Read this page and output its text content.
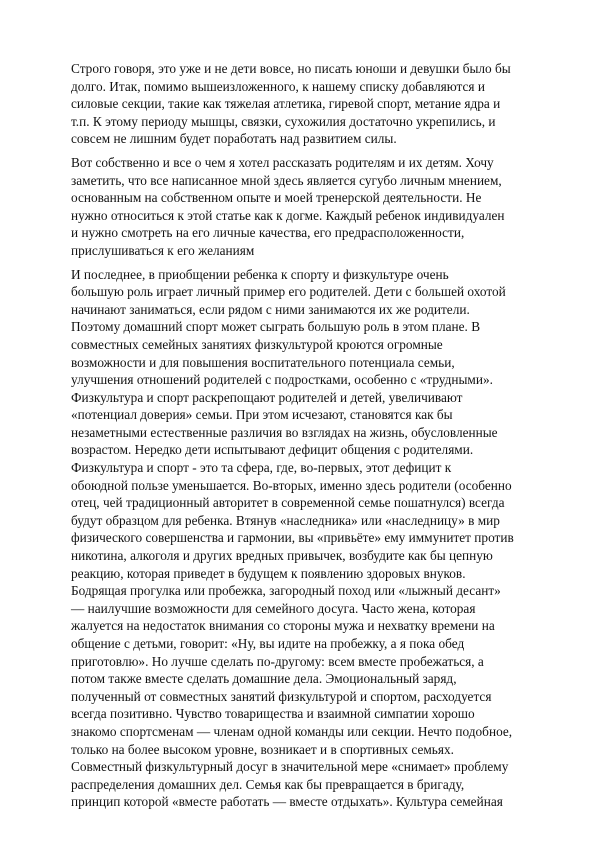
Строго говоря, это уже и не дети вовсе, но писать юноши и девушки было бы
долго. Итак, помимо вышеизложенного, к нашему списку добавляются и
силовые секции, такие как тяжелая атлетика, гиревой спорт, метание ядра и
т.п. К этому периоду мышцы, связки, сухожилия достаточно укрепились, и
совсем не лишним будет поработать над развитием силы.
Вот собственно и все о чем я хотел рассказать родителям и их детям. Хочу
заметить, что все написанное мной здесь является сугубо личным мнением,
основанным на собственном опыте и моей тренерской деятельности. Не
нужно относиться к этой статье как к догме. Каждый ребенок индивидуален
и нужно смотреть на его личные качества, его предрасположенности,
прислушиваться к его желаниям
И последнее, в приобщении ребенка к спорту и физкультуре очень
большую роль играет личный пример его родителей. Дети с большей охотой
начинают заниматься, если рядом с ними занимаются их же родители.
Поэтому домашний спорт может сыграть большую роль в этом плане. В
совместных семейных занятиях физкультурой кроются огромные
возможности и для повышения воспитательного потенциала семьи,
улучшения отношений родителей с подростками, особенно с «трудными».
Физкультура и спорт раскрепощают родителей и детей, увеличивают
«потенциал доверия» семьи. При этом исчезают, становятся как бы
незаметными естественные различия во взглядах на жизнь, обусловленные
возрастом. Нередко дети испытывают дефицит общения с родителями.
Физкультура и спорт - это та сфера, где, во-первых, этот дефицит к
обоюдной пользе уменьшается. Во-вторых, именно здесь родители (особенно
отец, чей традиционный авторитет в современной семье пошатнулся) всегда
будут образцом для ребенка. Втянув «наследника» или «наследницу» в мир
физического совершенства и гармонии, вы «привьёте» ему иммунитет против
никотина, алкоголя и других вредных привычек, возбудите как бы цепную
реакцию, которая приведет в будущем к появлению здоровых внуков.
Бодрящая прогулка или пробежка, загородный поход или «лыжный десант»
— наилучшие возможности для семейного досуга. Часто жена, которая
жалуется на недостаток внимания со стороны мужа и нехватку времени на
общение с детьми, говорит: «Ну, вы идите на пробежку, а я пока обед
приготовлю». Но лучше сделать по-другому: всем вместе пробежаться, а
потом также вместе сделать домашние дела. Эмоциональный заряд,
полученный от совместных занятий физкультурой и спортом, расходуется
всегда позитивно. Чувство товарищества и взаимной симпатии хорошо
знакомо спортсменам — членам одной команды или секции. Нечто подобное,
только на более высоком уровне, возникает и в спортивных семьях.
Совместный физкультурный досуг в значительной мере «снимает» проблему
распределения домашних дел. Семья как бы превращается в бригаду,
принцип которой «вместе работать — вместе отдыхать». Культура семейная
